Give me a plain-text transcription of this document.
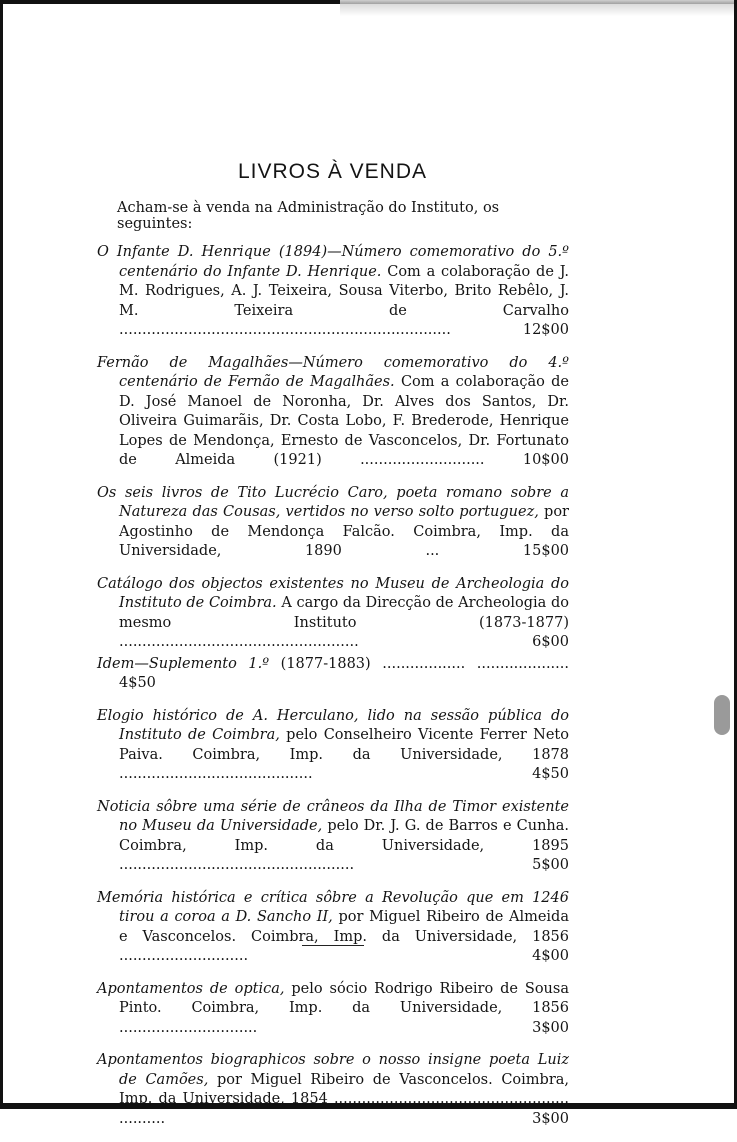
LIVROS À VENDA

Acham-se à venda na Administração do Instituto, os seguintes:

O Infante D. Henrique (1894)—Número comemorativo do 5.º centenário do Infante D. Henrique. Com a colaboração de J. M. Rodrigues, A. J. Teixeira, Sousa Viterbo, Brito Rebêlo, J. M. Teixeira de Carvalho ........................................................................	12$00

Fernão de Magalhães—Número comemorativo do 4.º centenário de Fernão de Magalhães. Com a colaboração de D. José Manoel de Noronha, Dr. Alves dos Santos, Dr. Oliveira Guimarãis, Dr. Costa Lobo, F. Brederode, Henrique Lopes de Mendonça, Ernesto de Vasconcelos, Dr. Fortunato de Almeida (1921)	...........................	10$00

Os seis livros de Tito Lucrécio Caro, poeta romano sobre a Natureza das Cousas, vertidos no verso solto portuguez, por Agostinho de Mendonça Falcão. Coimbra, Imp. da Universidade, 1890	...	15$00

Catálogo dos objectos existentes no Museu de Archeologia do Instituto de Coimbra. A cargo da Direcção de Archeologia do mesmo Instituto (1873-1877) ....................................................	6$00

Idem—Suplemento 1.º (1877-1883) .................. .................... 4$50

Elogio histórico de A. Herculano, lido na sessão pública do Instituto de Coimbra, pelo Conselheiro Vicente Ferrer Neto Paiva. Coimbra, Imp. da Universidade, 1878 ..........................................	4$50

Noticia sôbre uma série de crâneos da Ilha de Timor existente no Museu da Universidade, pelo Dr. J. G. de Barros e Cunha. Coimbra, Imp. da Universidade, 1895 ...................................................	5$00

Memória histórica e crítica sôbre a Revolução que em 1246 tirou a coroa a D. Sancho II, por Miguel Ribeiro de Almeida e Vasconcelos. Coimbra, Imp. da Universidade, 1856 ............................	4$00

Apontamentos de optica, pelo sócio Rodrigo Ribeiro de Sousa Pinto. Coimbra, Imp. da Universidade, 1856 ..............................	3$00

Apontamentos biographicos sobre o nosso insigne poeta Luiz de Camões, por Miguel Ribeiro de Vasconcelos. Coimbra, Imp. da Universidade, 1854 ................................................... ..........	3$00
